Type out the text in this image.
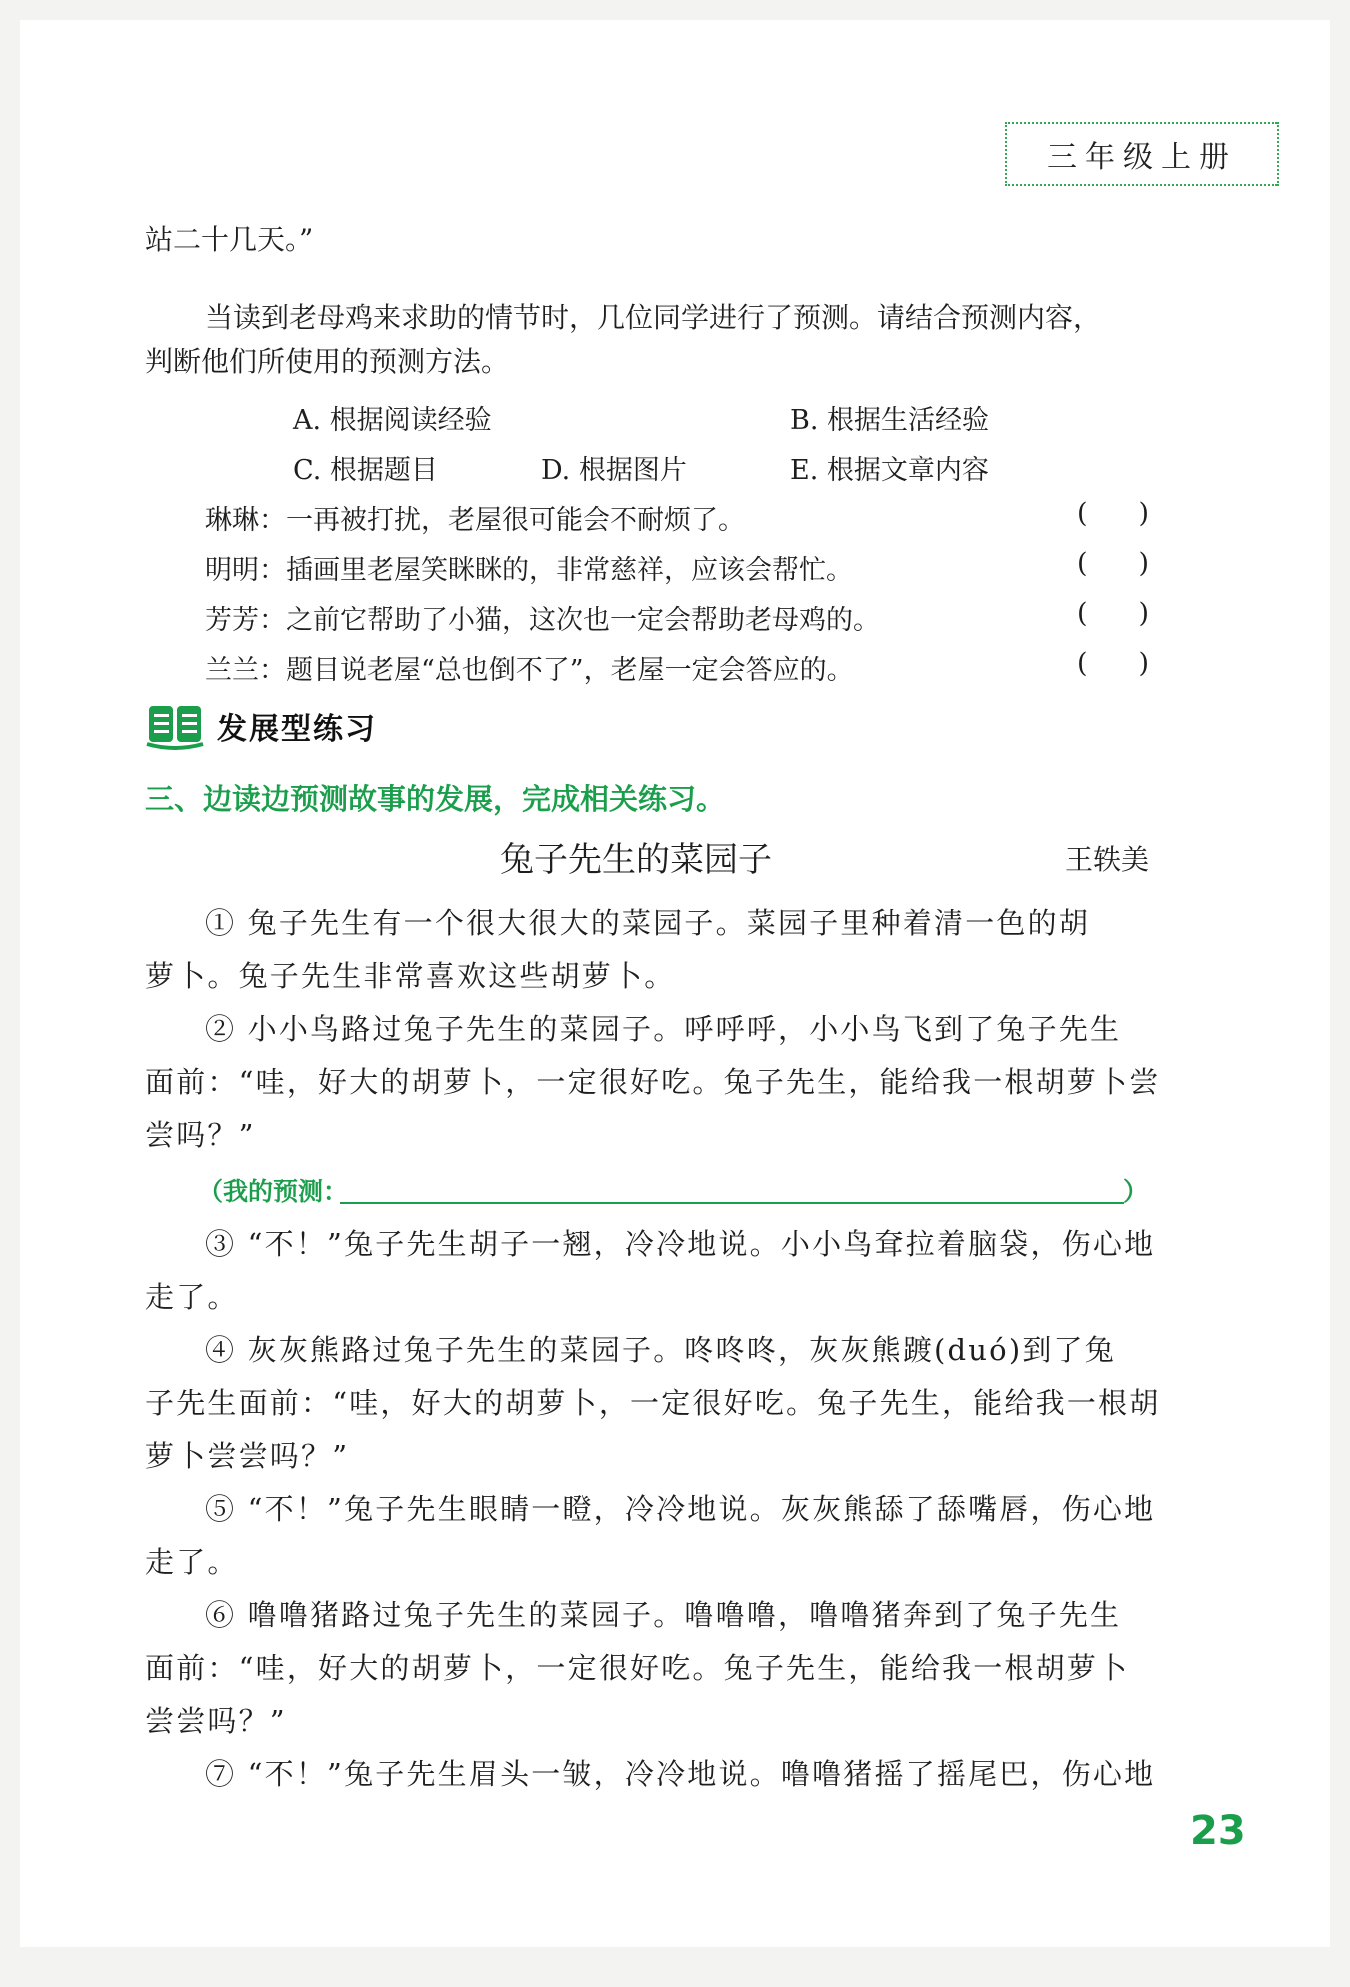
三年级上册
站二十几天。”
当读到老母鸡来求助的情节时，几位同学进行了预测。请结合预测内容，
判断他们所使用的预测方法。
A. 根据阅读经验	B. 根据生活经验
C. 根据题目	D. 根据图片	E. 根据文章内容
琳琳：一再被打扰，老屋很可能会不耐烦了。	( )
明明：插画里老屋笑眯眯的，非常慈祥，应该会帮忙。	( )
芳芳：之前它帮助了小猫，这次也一定会帮助老母鸡的。	( )
兰兰：题目说老屋“总也倒不了”，老屋一定会答应的。	( )
发展型练习
三、边读边预测故事的发展，完成相关练习。
兔子先生的菜园子	王轶美
① 兔子先生有一个很大很大的菜园子。菜园子里种着清一色的胡
萝卜。兔子先生非常喜欢这些胡萝卜。
② 小小鸟路过兔子先生的菜园子。呼呼呼，小小鸟飞到了兔子先生
面前：“哇，好大的胡萝卜，一定很好吃。兔子先生，能给我一根胡萝卜尝
尝吗？”
（我的预测：	）
③ “不！”兔子先生胡子一翘，冷冷地说。小小鸟耷拉着脑袋，伤心地
走了。
④ 灰灰熊路过兔子先生的菜园子。咚咚咚，灰灰熊踱(duó)到了兔
子先生面前：“哇，好大的胡萝卜，一定很好吃。兔子先生，能给我一根胡
萝卜尝尝吗？”
⑤ “不！”兔子先生眼睛一瞪，冷冷地说。灰灰熊舔了舔嘴唇，伤心地
走了。
⑥ 噜噜猪路过兔子先生的菜园子。噜噜噜，噜噜猪奔到了兔子先生
面前：“哇，好大的胡萝卜，一定很好吃。兔子先生，能给我一根胡萝卜
尝尝吗？”
⑦ “不！”兔子先生眉头一皱，冷冷地说。噜噜猪摇了摇尾巴，伤心地
23
